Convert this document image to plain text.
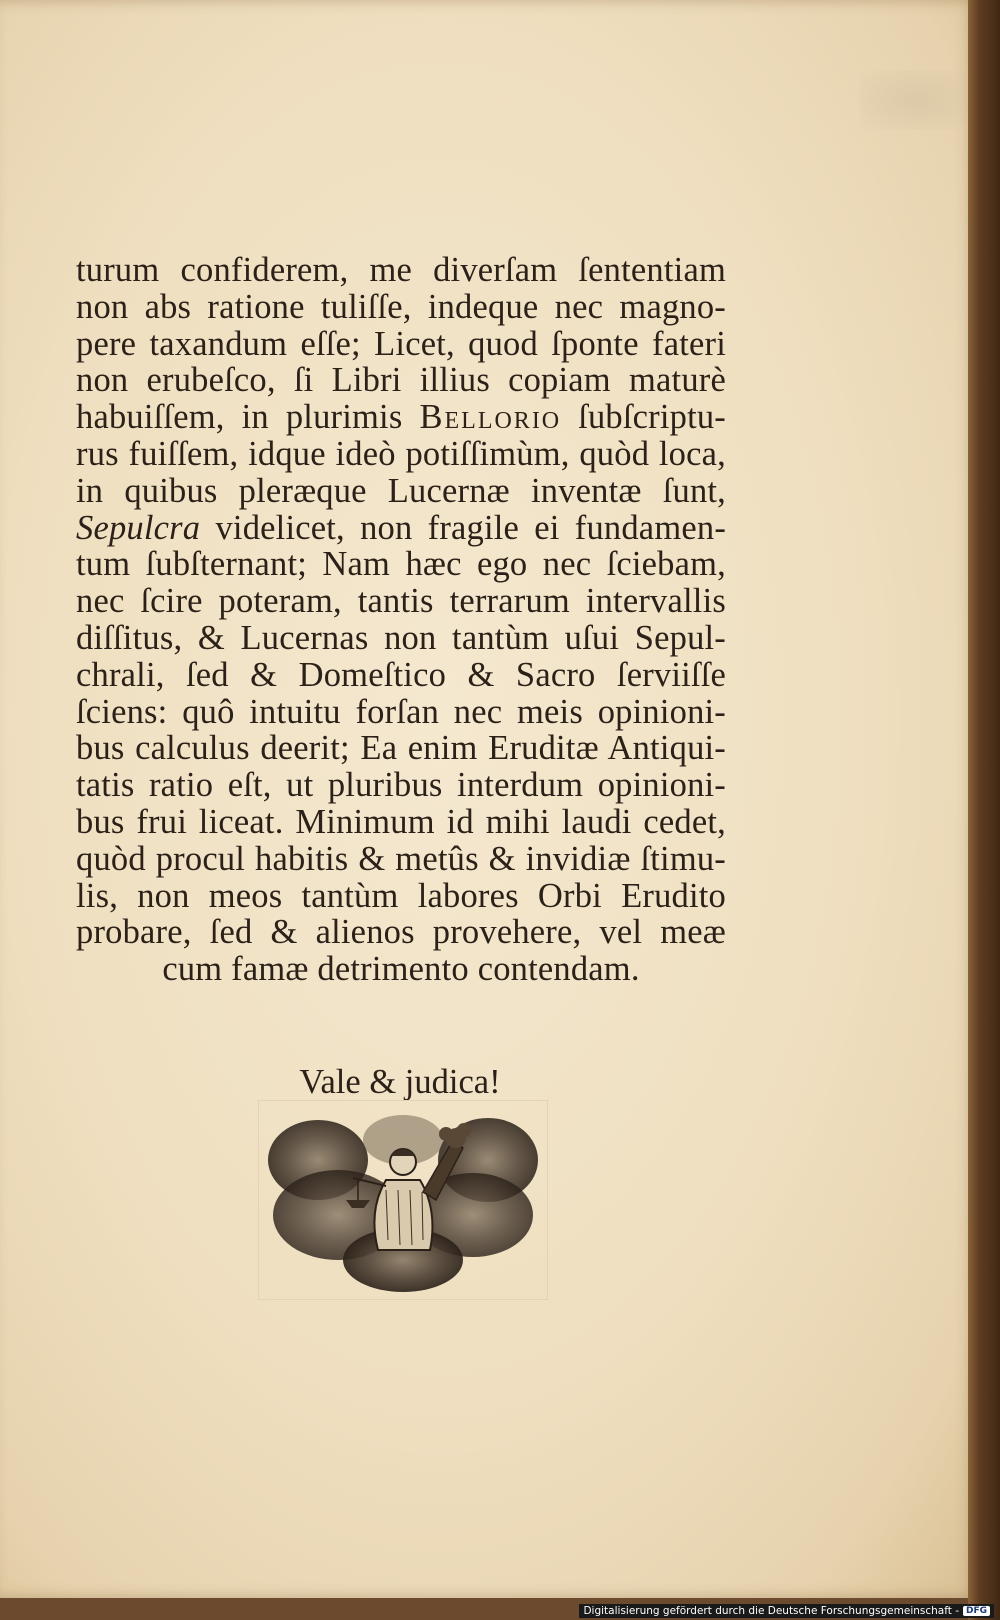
turum confiderem, me diverſam ſententiam
non abs ratione tuliſſe, indeque nec magno-
pere taxandum eſſe; Licet, quod ſponte fateri
non erubeſco, ſi Libri illius copiam maturè
habuiſſem, in plurimis Bellorio ſubſcriptu-
rus fuiſſem, idque ideò potiſſimùm, quòd loca,
in quibus pleræque Lucernæ inventæ ſunt,
Sepulcra videlicet, non fragile ei fundamen-
tum ſubſternant; Nam hæc ego nec ſciebam,
nec ſcire poteram, tantis terrarum intervallis
diſſitus, & Lucernas non tantùm uſui Sepul-
chrali, ſed & Domeſtico & Sacro ſerviiſſe
ſciens: quô intuitu forſan nec meis opinioni-
bus calculus deerit; Ea enim Eruditæ Antiqui-
tatis ratio eſt, ut pluribus interdum opinioni-
bus frui liceat. Minimum id mihi laudi cedet,
quòd procul habitis & metûs & invidiæ ſtimu-
lis, non meos tantùm labores Orbi Erudito
probare, ſed & alienos provehere, vel meæ
cum famæ detrimento contendam.
Vale & judica!
Digitalisierung gefördert durch die Deutsche Forschungsgemeinschaft - DFG
